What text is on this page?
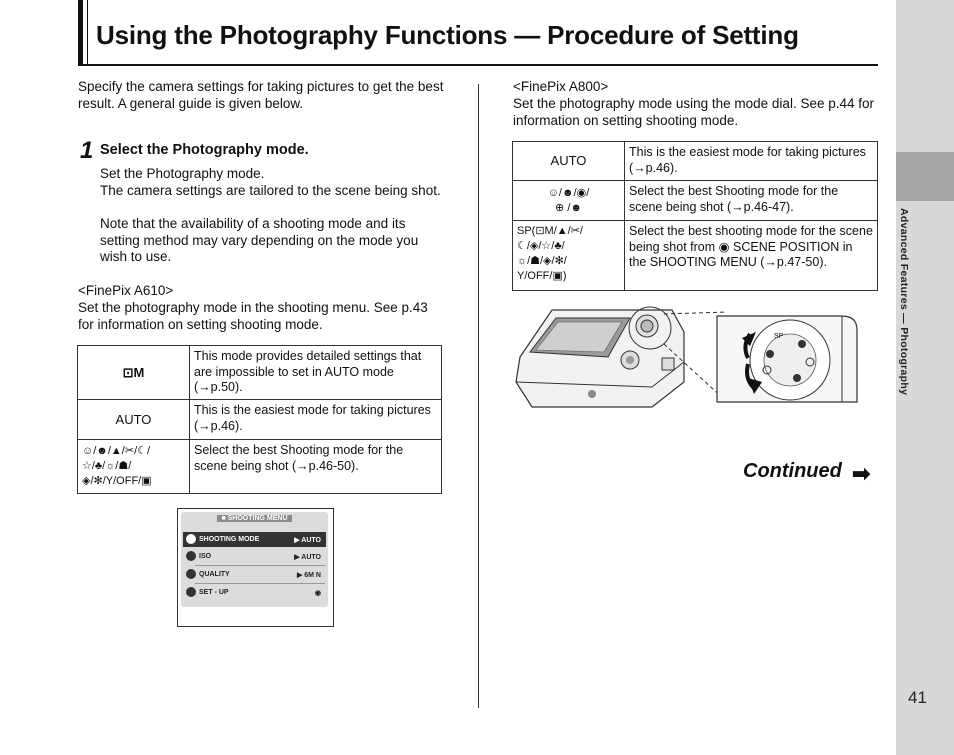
Using the Photography Functions — Procedure of Setting
Advanced Features — Photography
41
Specify the camera settings for taking pictures to get the best result. A general guide is given below.
1 Select the Photography mode.
Set the Photography mode.
The camera settings are tailored to the scene being shot.
Note that the availability of a shooting mode and its setting method may vary depending on the mode you wish to use.
<FinePix A610>
Set the photography mode in the shooting menu. See p.43 for information on setting shooting mode.
⊡M	This mode provides detailed settings that are impossible to set in AUTO mode (→p.50).
AUTO	This is the easiest mode for taking pictures (→p.46).
☺/☻/▲/✂/☾/
☆/♣/☼/☗/
◈/✻/Y/OFF/▣	Select the best Shooting mode for the scene being shot (→p.46-50).
■ SHOOTING MENU
SHOOTING MODE	▶ AUTO
ISO	▶ AUTO
QUALITY	▶ 6M N
SET - UP	◉
<FinePix A800>
Set the photography mode using the mode dial. See p.44 for information on setting shooting mode.
AUTO	This is the easiest mode for taking pictures (→p.46).
☺/☻/◉/
⊕ /☻	Select the best Shooting mode for the scene being shot (→p.46-47).
SP(⊡M/▲/✂/
☾/◈/☆/♣/
☼/☗/◈/✻/
Y/OFF/▣)	Select the best shooting mode for the scene being shot from ◉ SCENE POSITION in the SHOOTING MENU (→p.47-50).
SP
Continued ➡
